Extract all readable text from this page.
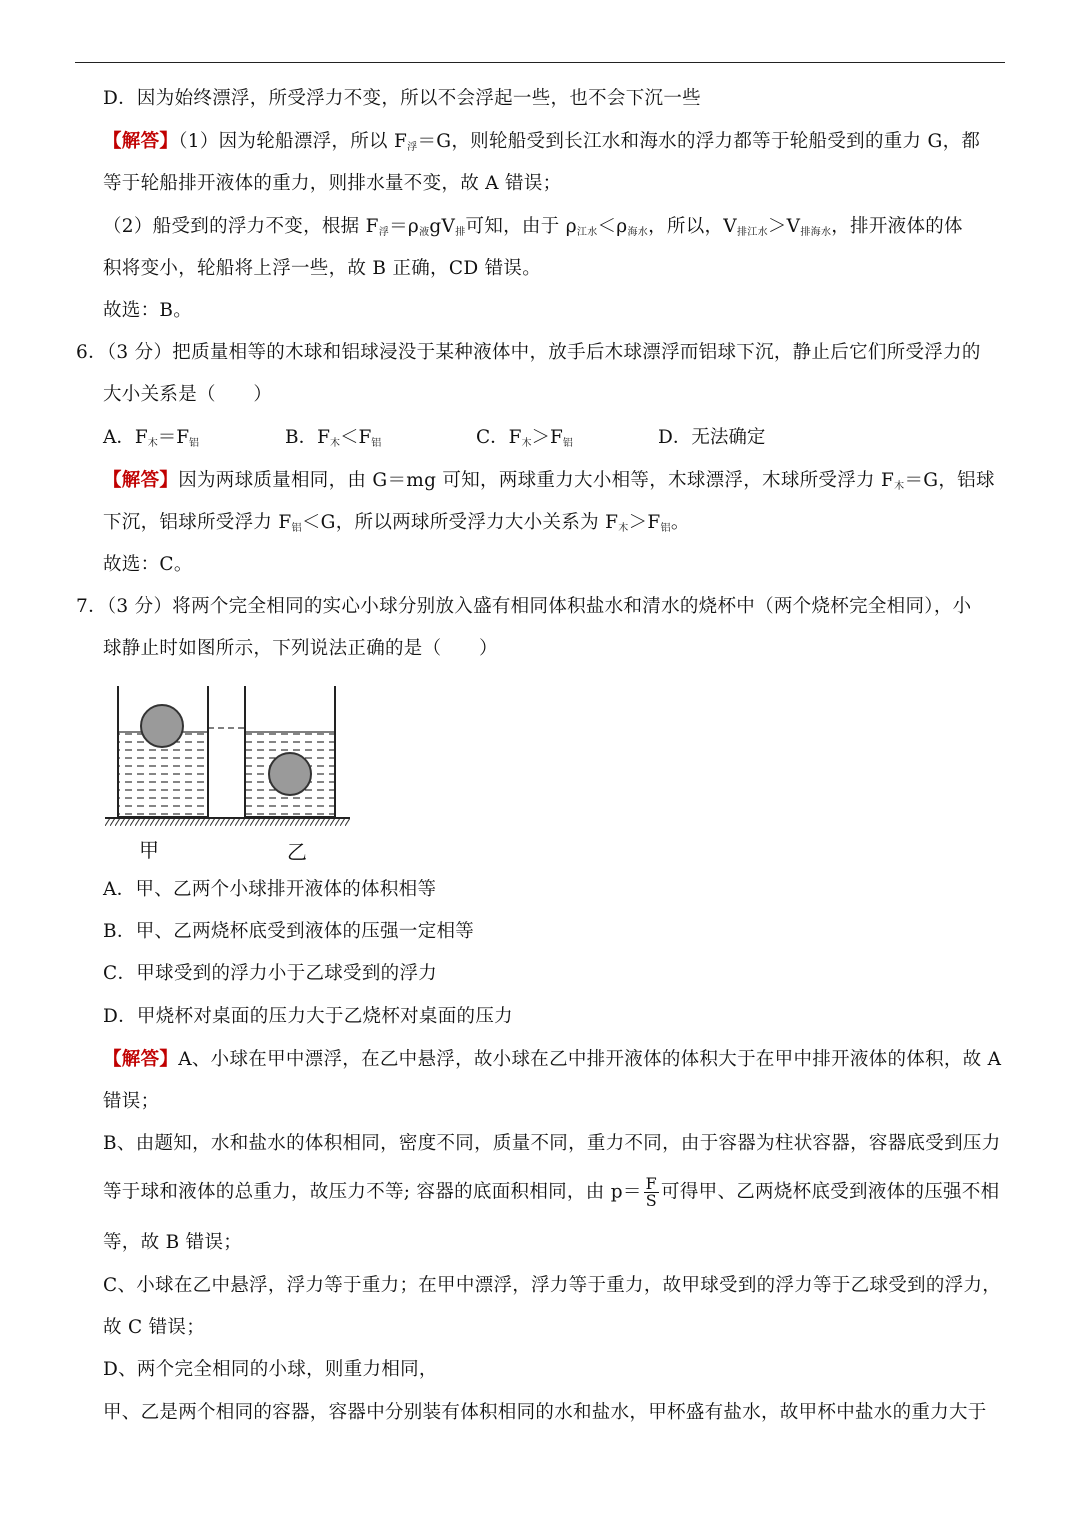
D．因为始终漂浮，所受浮力不变，所以不会浮起一些，也不会下沉一些
【解答】（1）因为轮船漂浮，所以 $F_浮=G$，则轮船受到长江水和海水的浮力都等于轮船受到的重力 G，都
等于轮船排开液体的重力，则排水量不变，故 A 错误；
（2）船受到的浮力不变，根据 $F_浮=\rho_液gV_排$可知，由于 $\rho_{江水}<\rho_{海水}$，所以，$V_{排江水}>V_{排海水}$，排开液体的体
积将变小，轮船将上浮一些，故 B 正确，CD 错误。
故选：B。
6．（3 分）把质量相等的木球和铝球浸没于某种液体中，放手后木球漂浮而铝球下沉，静止后它们所受浮力的
大小关系是（　　）
A．$F_木=F_铝$	B．$F_木<F_铝$	C．$F_木>F_铝$	D．无法确定
【解答】因为两球质量相同，由 G＝mg 可知，两球重力大小相等，木球漂浮，木球所受浮力 $F_木=G$，铝球
下沉，铝球所受浮力 $F_铝<G$，所以两球所受浮力大小关系为 $F_木>F_铝$。
故选：C。
7．（3 分）将两个完全相同的实心小球分别放入盛有相同体积盐水和清水的烧杯中（两个烧杯完全相同），小
球静止时如图所示，下列说法正确的是（　　）
甲	乙
A．甲、乙两个小球排开液体的体积相等
B．甲、乙两烧杯底受到液体的压强一定相等
C．甲球受到的浮力小于乙球受到的浮力
D．甲烧杯对桌面的压力大于乙烧杯对桌面的压力
【解答】A、小球在甲中漂浮，在乙中悬浮，故小球在乙中排开液体的体积大于在甲中排开液体的体积，故 A
错误；
B、由题知，水和盐水的体积相同，密度不同，质量不同，重力不同，由于容器为柱状容器，容器底受到压力
等于球和液体的总重力，故压力不等; 容器的底面积相同，由 $p= \frac{F}{S}$ 可得甲、乙两烧杯底受到液体的压强不相
等，故 B 错误；
C、小球在乙中悬浮，浮力等于重力；在甲中漂浮，浮力等于重力，故甲球受到的浮力等于乙球受到的浮力，
故 C 错误；
D、两个完全相同的小球，则重力相同，
甲、乙是两个相同的容器，容器中分别装有体积相同的水和盐水，甲杯盛有盐水，故甲杯中盐水的重力大于
